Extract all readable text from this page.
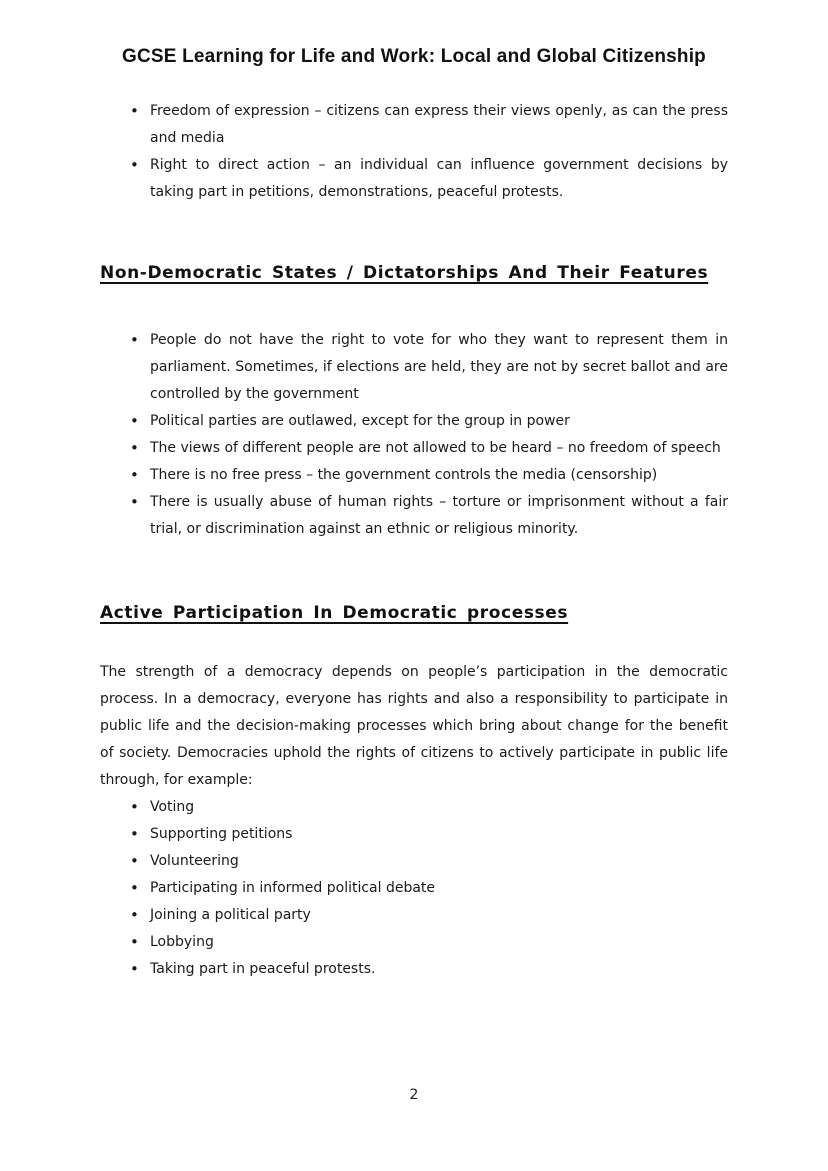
GCSE Learning for Life and Work: Local and Global Citizenship
• Freedom of expression – citizens can express their views openly, as can the press and media
• Right to direct action – an individual can influence government decisions by taking part in petitions, demonstrations, peaceful protests.
Non-Democratic States / Dictatorships And Their Features
• People do not have the right to vote for who they want to represent them in parliament. Sometimes, if elections are held, they are not by secret ballot and are controlled by the government
• Political parties are outlawed, except for the group in power
• The views of different people are not allowed to be heard – no freedom of speech
• There is no free press – the government controls the media (censorship)
• There is usually abuse of human rights – torture or imprisonment without a fair trial, or discrimination against an ethnic or religious minority.
Active Participation In Democratic processes

The strength of a democracy depends on people’s participation in the democratic process. In a democracy, everyone has rights and also a responsibility to participate in public life and the decision-making processes which bring about change for the benefit of society. Democracies uphold the rights of citizens to actively participate in public life through, for example:

• Voting
• Supporting petitions
• Volunteering
• Participating in informed political debate
• Joining a political party
• Lobbying
• Taking part in peaceful protests.
2
